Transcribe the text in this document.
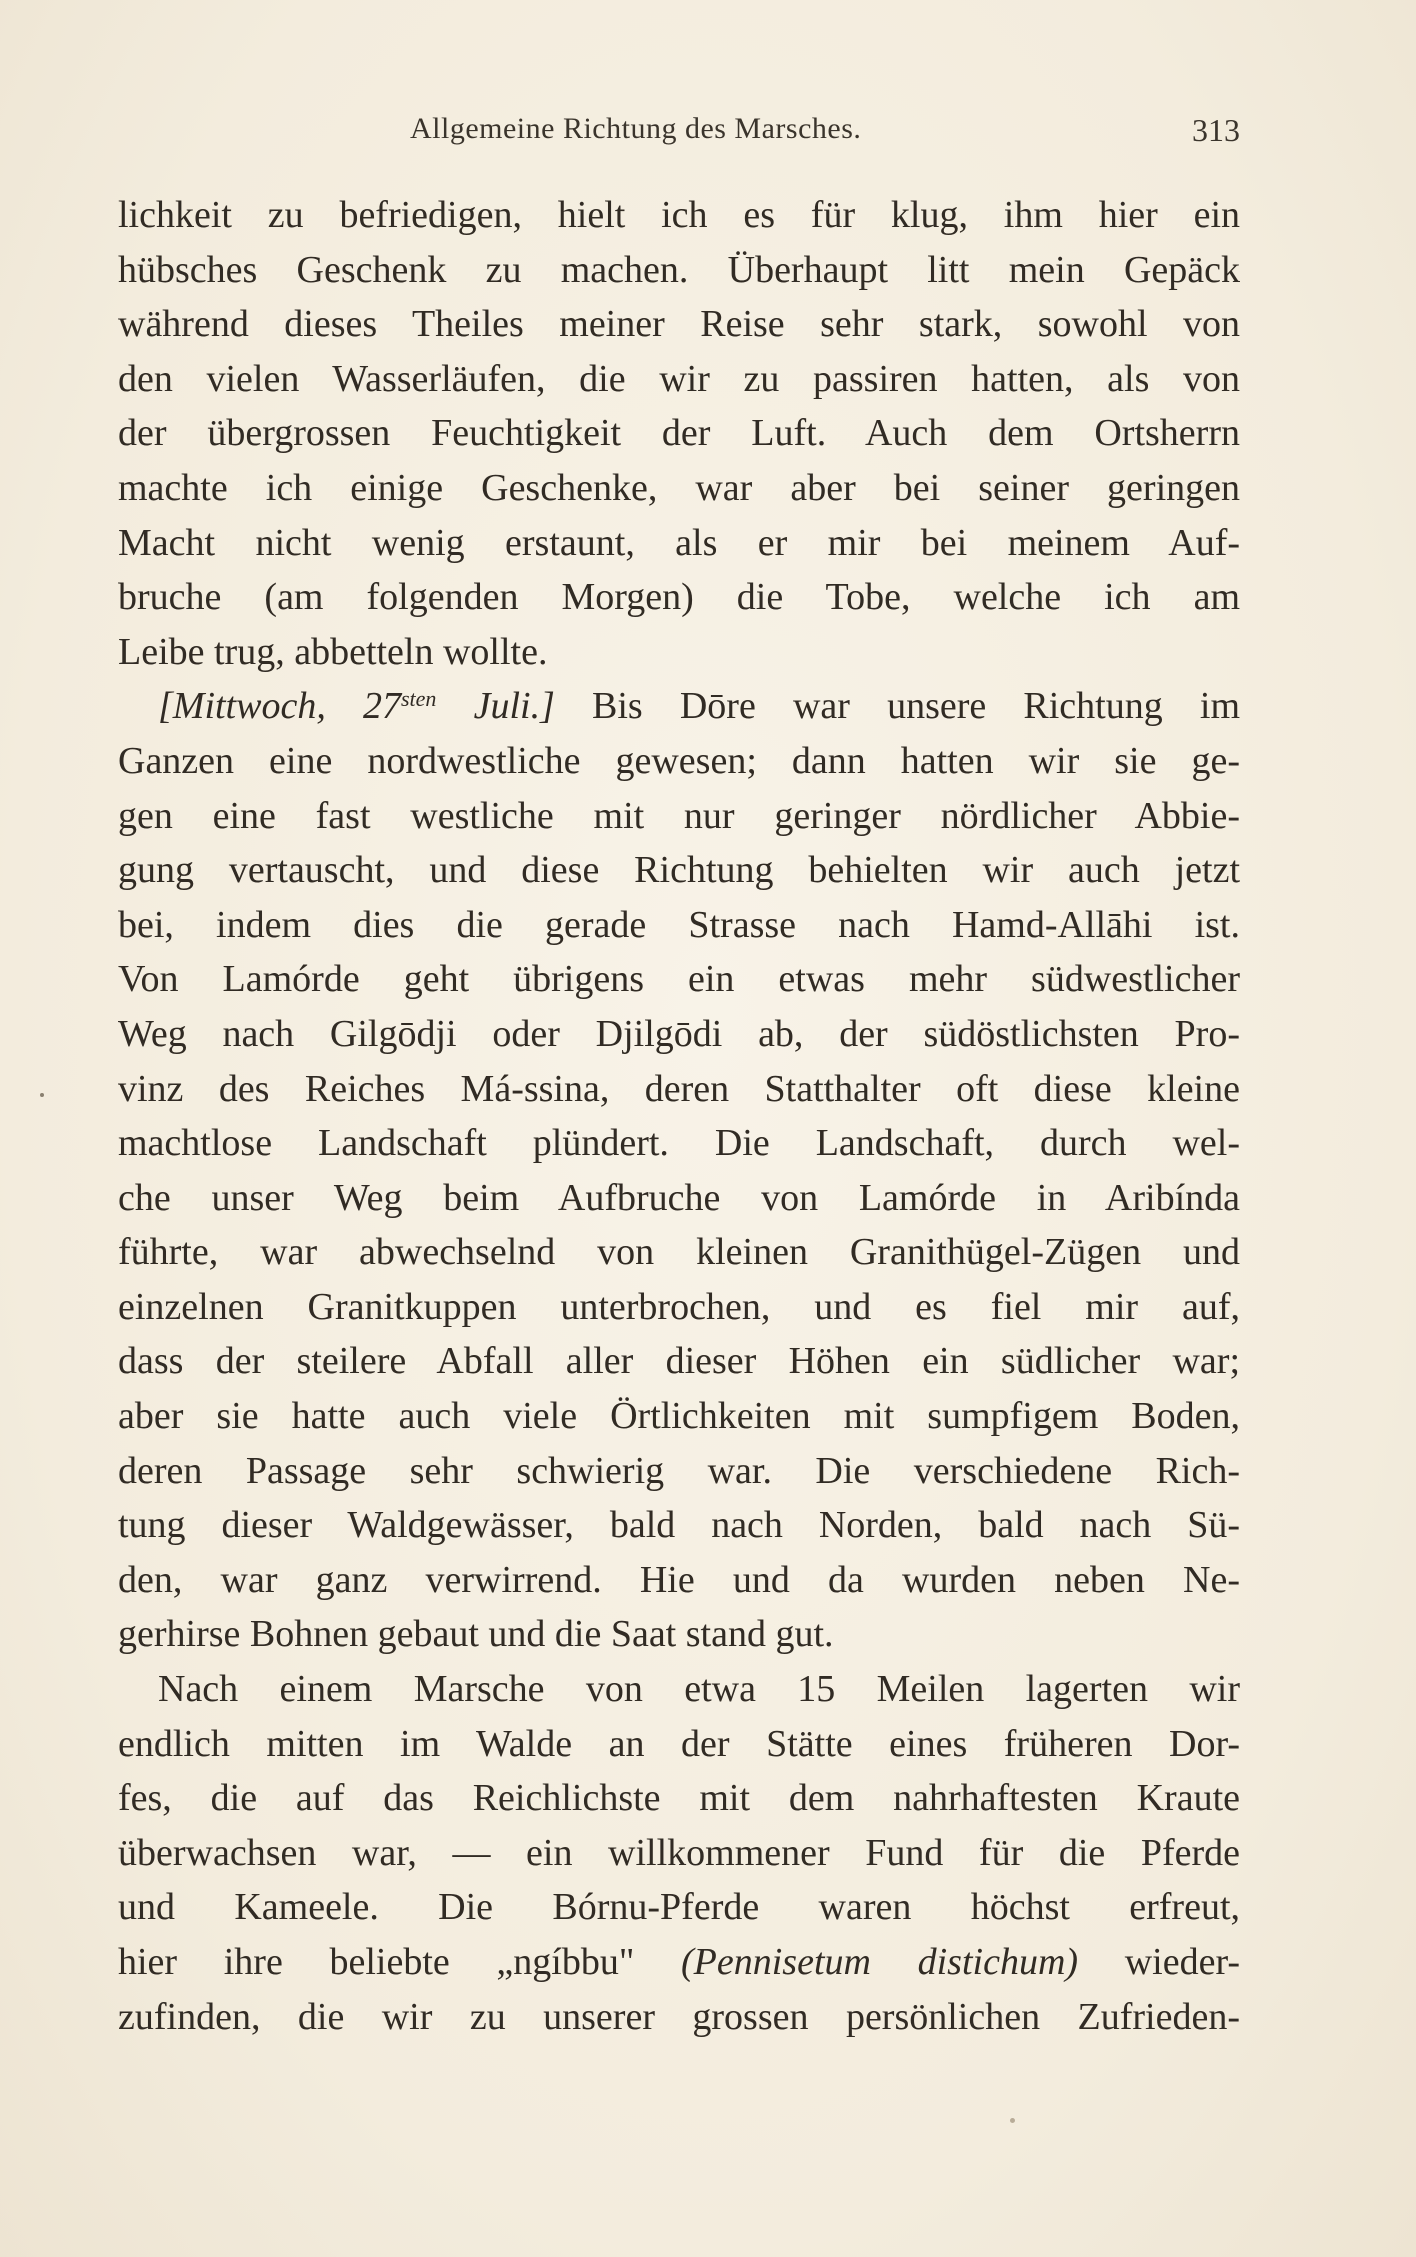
Allgemeine Richtung des Marsches.	313
lichkeit zu befriedigen, hielt ich es für klug, ihm hier ein
hübsches Geschenk zu machen. Überhaupt litt mein Gepäck
während dieses Theiles meiner Reise sehr stark, sowohl von
den vielen Wasserläufen, die wir zu passiren hatten, als von
der übergrossen Feuchtigkeit der Luft. Auch dem Ortsherrn
machte ich einige Geschenke, war aber bei seiner geringen
Macht nicht wenig erstaunt, als er mir bei meinem Auf-
bruche (am folgenden Morgen) die Tobe, welche ich am
Leibe trug, abbetteln wollte.
[Mittwoch, $27^{sten}$ Juli.] Bis Dōre war unsere Richtung im
Ganzen eine nordwestliche gewesen; dann hatten wir sie ge-
gen eine fast westliche mit nur geringer nördlicher Abbie-
gung vertauscht, und diese Richtung behielten wir auch jetzt
bei, indem dies die gerade Strasse nach Hamd-Allāhi ist.
Von Lamórde geht übrigens ein etwas mehr südwestlicher
Weg nach Gilgōdji oder Djilgōdi ab, der südöstlichsten Pro-
vinz des Reiches Má-ssina, deren Statthalter oft diese kleine
machtlose Landschaft plündert. Die Landschaft, durch wel-
che unser Weg beim Aufbruche von Lamórde in Aribínda
führte, war abwechselnd von kleinen Granithügel-Zügen und
einzelnen Granitkuppen unterbrochen, und es fiel mir auf,
dass der steilere Abfall aller dieser Höhen ein südlicher war;
aber sie hatte auch viele Örtlichkeiten mit sumpfigem Boden,
deren Passage sehr schwierig war. Die verschiedene Rich-
tung dieser Waldgewässer, bald nach Norden, bald nach Sü-
den, war ganz verwirrend. Hie und da wurden neben Ne-
gerhirse Bohnen gebaut und die Saat stand gut.
Nach einem Marsche von etwa 15 Meilen lagerten wir
endlich mitten im Walde an der Stätte eines früheren Dor-
fes, die auf das Reichlichste mit dem nahrhaftesten Kraute
überwachsen war, — ein willkommener Fund für die Pferde
und Kameele. Die Bórnu-Pferde waren höchst erfreut,
hier ihre beliebte „ngíbbu" (Pennisetum distichum) wieder-
zufinden, die wir zu unserer grossen persönlichen Zufrieden-
